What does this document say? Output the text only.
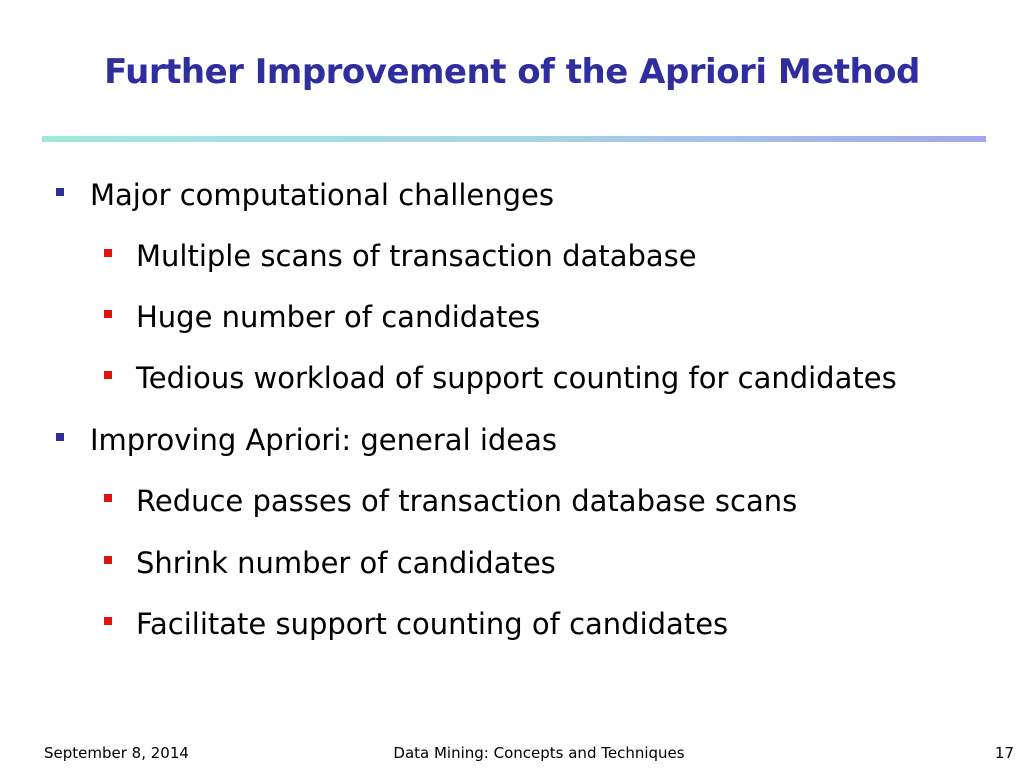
Further Improvement of the Apriori Method
Major computational challenges
Multiple scans of transaction database
Huge number of candidates
Tedious workload of support counting for candidates
Improving Apriori: general ideas
Reduce passes of transaction database scans
Shrink number of candidates
Facilitate support counting of candidates
September 8, 2014	Data Mining: Concepts and Techniques	17
